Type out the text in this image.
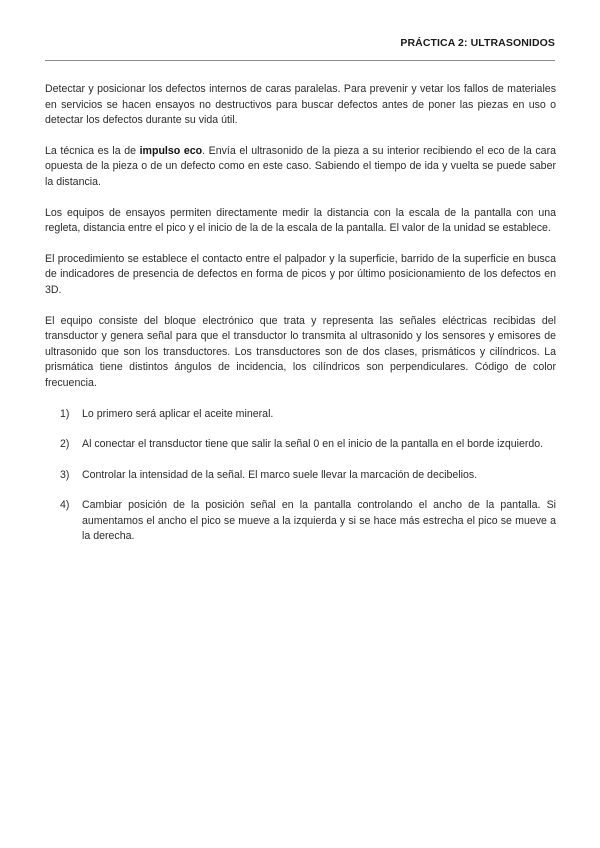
PRÁCTICA 2: ULTRASONIDOS

Detectar y posicionar los defectos internos de caras paralelas. Para prevenir y vetar los fallos de materiales en servicios se hacen ensayos no destructivos para buscar defectos antes de poner las piezas en uso o detectar los defectos durante su vida útil.

La técnica es la de impulso eco. Envía el ultrasonido de la pieza a su interior recibiendo el eco de la cara opuesta de la pieza o de un defecto como en este caso. Sabiendo el tiempo de ida y vuelta se puede saber la distancia.

Los equipos de ensayos permiten directamente medir la distancia con la escala de la pantalla con una regleta, distancia entre el pico y el inicio de la de la escala de la pantalla. El valor de la unidad se establece.

El procedimiento se establece el contacto entre el palpador y la superficie, barrido de la superficie en busca de indicadores de presencia de defectos en forma de picos y por último posicionamiento de los defectos en 3D.

El equipo consiste del bloque electrónico que trata y representa las señales eléctricas recibidas del transductor y genera señal para que el transductor lo transmita al ultrasonido y los sensores y emisores de ultrasonido que son los transductores. Los transductores son de dos clases, prismáticos y cilíndricos. La prismática tiene distintos ángulos de incidencia, los cilíndricos son perpendiculares. Código de color frecuencia.

1) Lo primero será aplicar el aceite mineral.
2) Al conectar el transductor tiene que salir la señal 0 en el inicio de la pantalla en el borde izquierdo.
3) Controlar la intensidad de la señal. El marco suele llevar la marcación de decibelios.
4) Cambiar posición de la posición señal en la pantalla controlando el ancho de la pantalla. Si aumentamos el ancho el pico se mueve a la izquierda y si se hace más estrecha el pico se mueve a la derecha.
